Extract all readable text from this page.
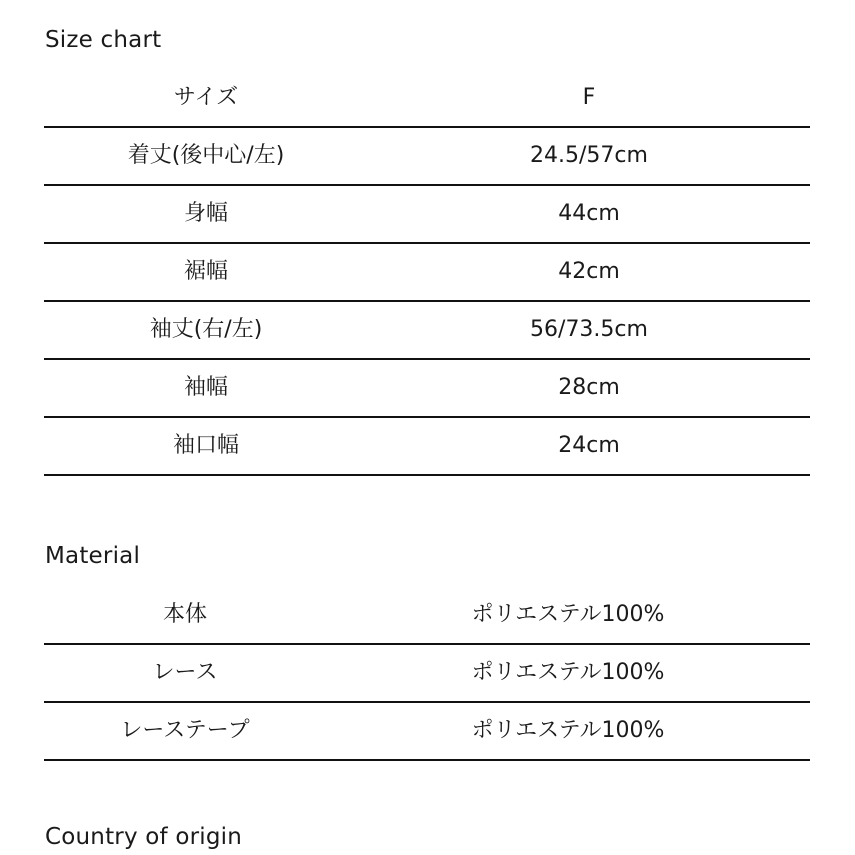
Size chart
サイズ	F
着丈(後中心/左)	24.5/57cm
身幅	44cm
裾幅	42cm
袖丈(右/左)	56/73.5cm
袖幅	28cm
袖口幅	24cm
Material
本体	ポリエステル100%
レース	ポリエステル100%
レーステープ	ポリエステル100%
Country of origin
